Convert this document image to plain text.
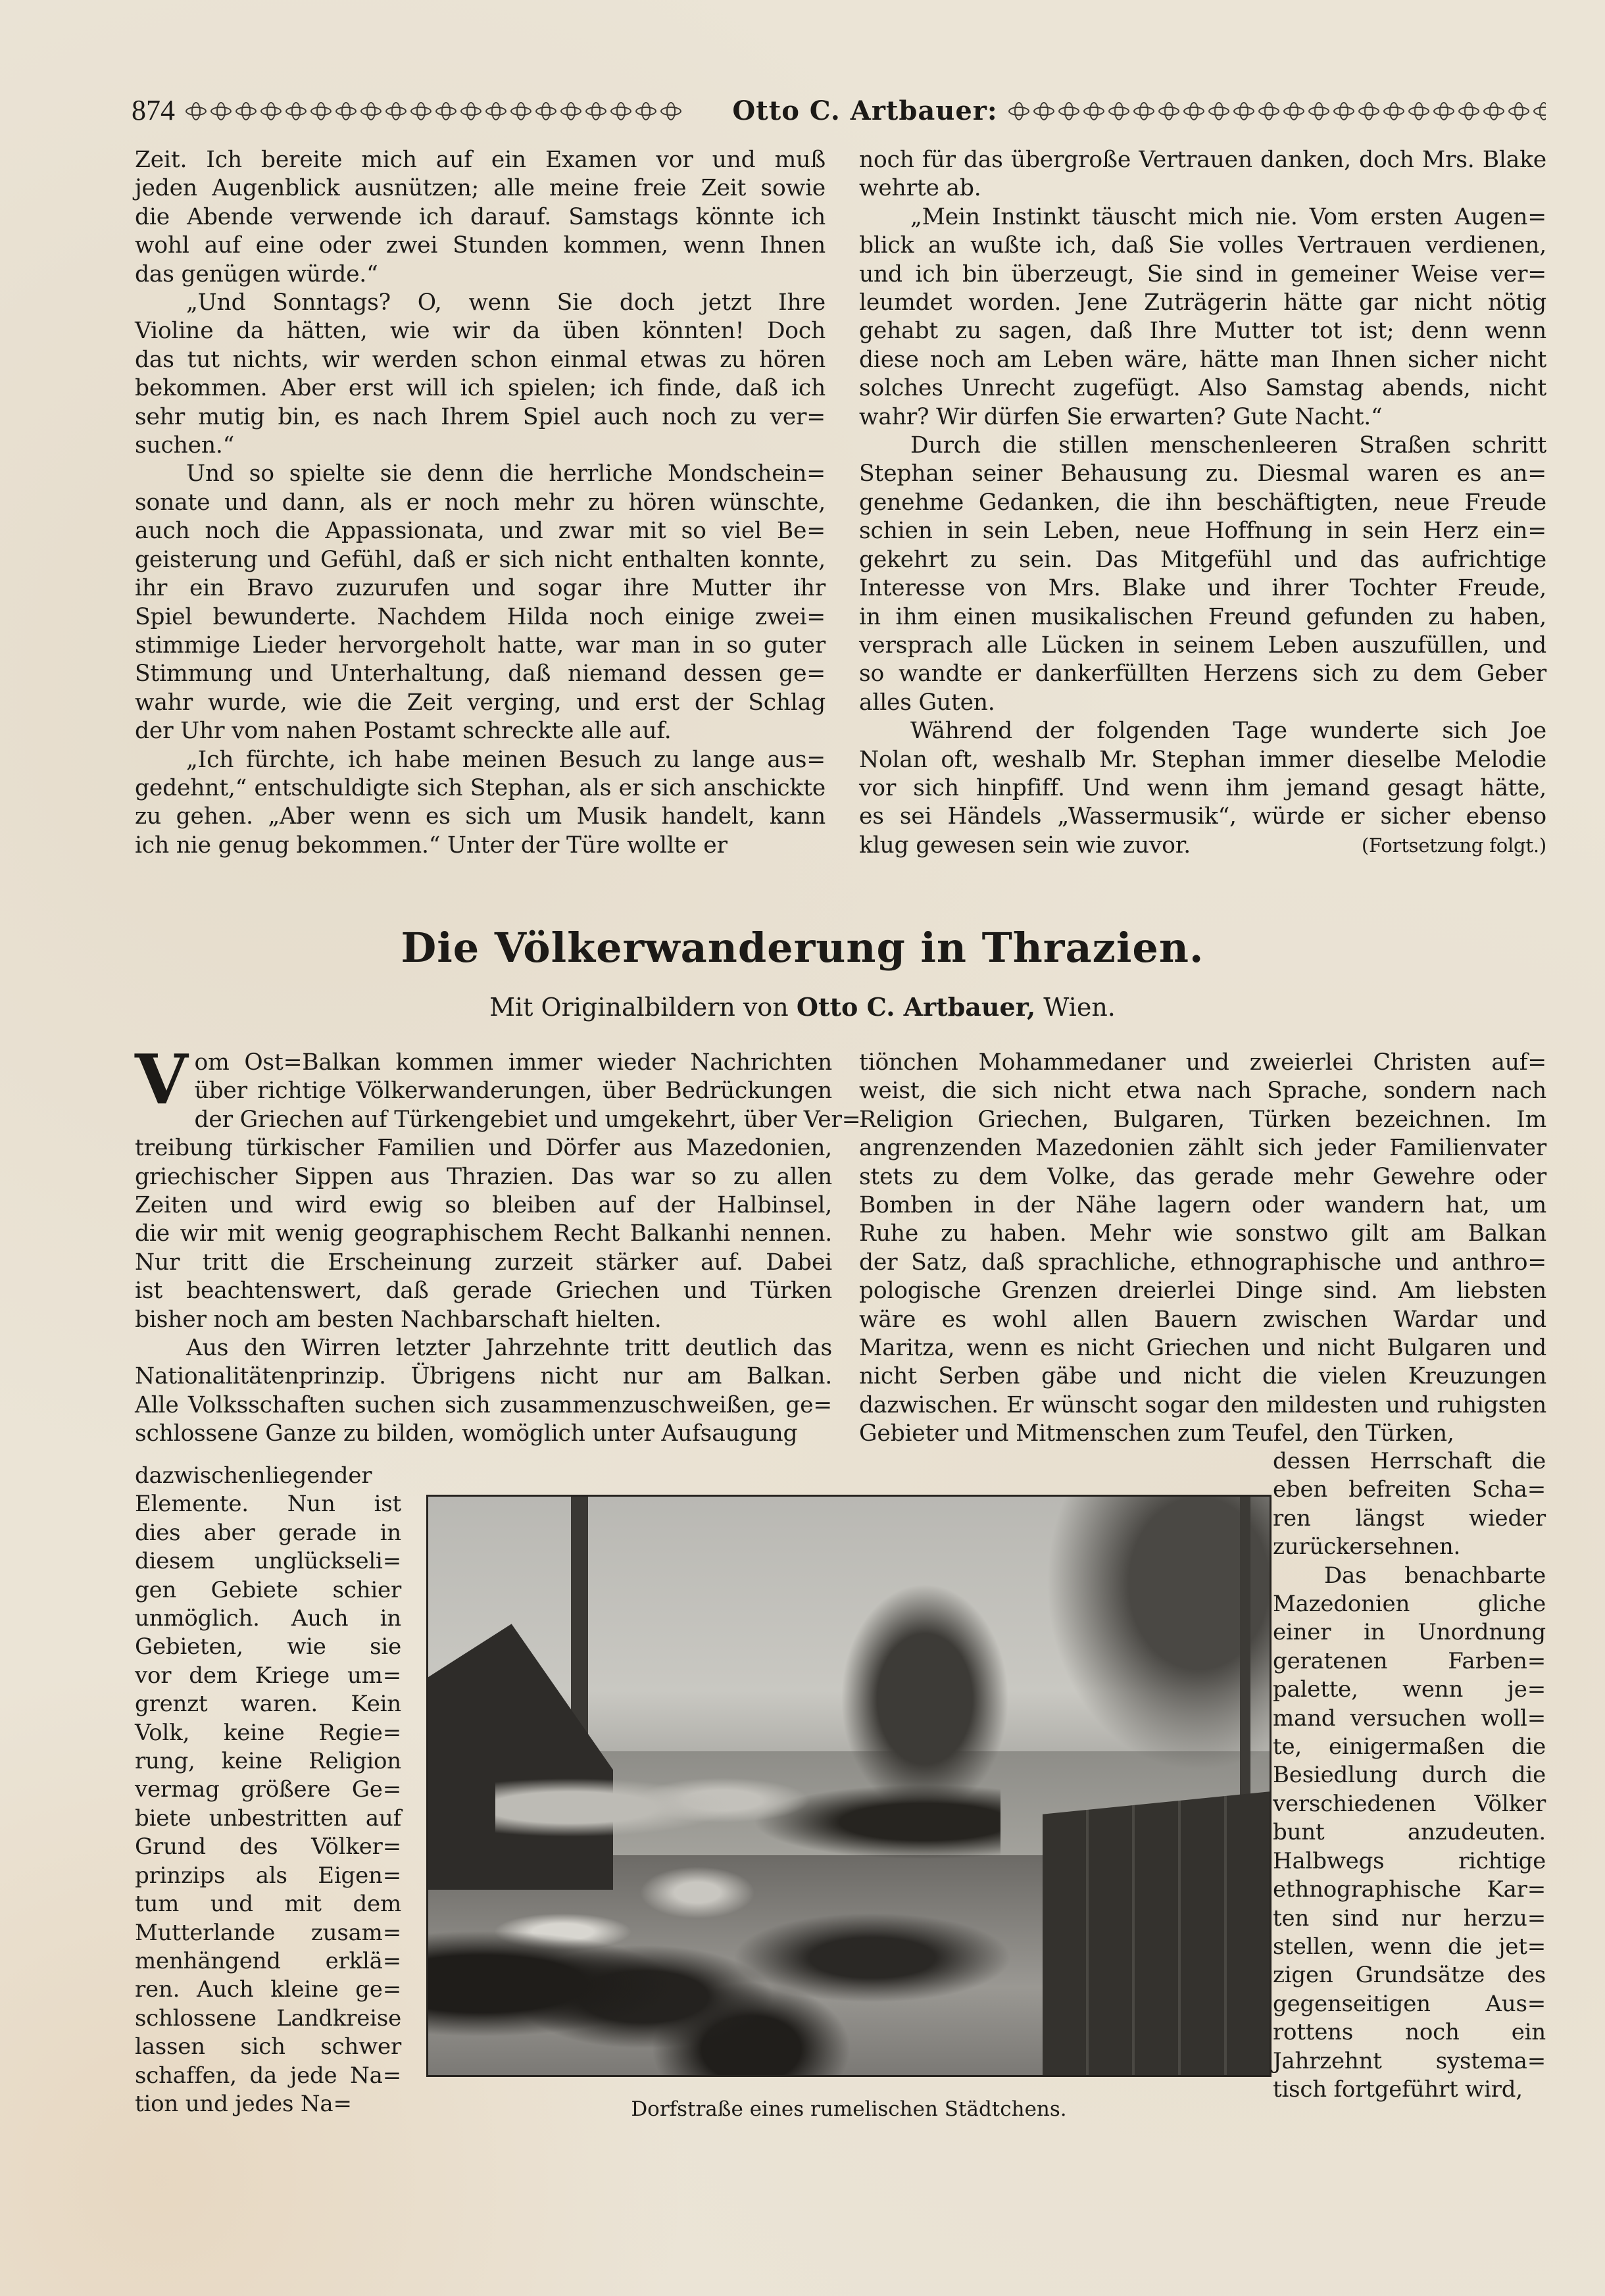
874	Otto C. Artbauer:

Zeit. Ich bereite mich auf ein Examen vor und muß
jeden Augenblick ausnützen; alle meine freie Zeit sowie
die Abende verwende ich darauf. Samstags könnte ich
wohl auf eine oder zwei Stunden kommen, wenn Ihnen
das genügen würde.“

„Und Sonntags? O, wenn Sie doch jetzt Ihre
Violine da hätten, wie wir da üben könnten! Doch
das tut nichts, wir werden schon einmal etwas zu hören
bekommen. Aber erst will ich spielen; ich finde, daß ich
sehr mutig bin, es nach Ihrem Spiel auch noch zu ver=
suchen.“

Und so spielte sie denn die herrliche Mondschein=
sonate und dann, als er noch mehr zu hören wünschte,
auch noch die Appassionata, und zwar mit so viel Be=
geisterung und Gefühl, daß er sich nicht enthalten konnte,
ihr ein Bravo zuzurufen und sogar ihre Mutter ihr
Spiel bewunderte. Nachdem Hilda noch einige zwei=
stimmige Lieder hervorgeholt hatte, war man in so guter
Stimmung und Unterhaltung, daß niemand dessen ge=
wahr wurde, wie die Zeit verging, und erst der Schlag
der Uhr vom nahen Postamt schreckte alle auf.

„Ich fürchte, ich habe meinen Besuch zu lange aus=
gedehnt,“ entschuldigte sich Stephan, als er sich anschickte
zu gehen. „Aber wenn es sich um Musik handelt, kann
ich nie genug bekommen.“ Unter der Türe wollte er

noch für das übergroße Vertrauen danken, doch Mrs. Blake
wehrte ab.

„Mein Instinkt täuscht mich nie. Vom ersten Augen=
blick an wußte ich, daß Sie volles Vertrauen verdienen,
und ich bin überzeugt, Sie sind in gemeiner Weise ver=
leumdet worden. Jene Zuträgerin hätte gar nicht nötig
gehabt zu sagen, daß Ihre Mutter tot ist; denn wenn
diese noch am Leben wäre, hätte man Ihnen sicher nicht
solches Unrecht zugefügt. Also Samstag abends, nicht
wahr? Wir dürfen Sie erwarten? Gute Nacht.“

Durch die stillen menschenleeren Straßen schritt
Stephan seiner Behausung zu. Diesmal waren es an=
genehme Gedanken, die ihn beschäftigten, neue Freude
schien in sein Leben, neue Hoffnung in sein Herz ein=
gekehrt zu sein. Das Mitgefühl und das aufrichtige
Interesse von Mrs. Blake und ihrer Tochter Freude,
in ihm einen musikalischen Freund gefunden zu haben,
versprach alle Lücken in seinem Leben auszufüllen, und
so wandte er dankerfüllten Herzens sich zu dem Geber
alles Guten.

Während der folgenden Tage wunderte sich Joe
Nolan oft, weshalb Mr. Stephan immer dieselbe Melodie
vor sich hinpfiff. Und wenn ihm jemand gesagt hätte,
es sei Händels „Wassermusik“, würde er sicher ebenso
klug gewesen sein wie zuvor.	(Fortsetzung folgt.)

Die Völkerwanderung in Thrazien.
Mit Originalbildern von Otto C. Artbauer, Wien.

V om Ost=Balkan kommen immer wieder Nachrichten
über richtige Völkerwanderungen, über Bedrückungen
der Griechen auf Türkengebiet und umgekehrt, über Ver=
treibung türkischer Familien und Dörfer aus Mazedonien,
griechischer Sippen aus Thrazien. Das war so zu allen
Zeiten und wird ewig so bleiben auf der Halbinsel,
die wir mit wenig geographischem Recht Balkanhi nennen.
Nur tritt die Erscheinung zurzeit stärker auf. Dabei
ist beachtenswert, daß gerade Griechen und Türken
bisher noch am besten Nachbarschaft hielten.

Aus den Wirren letzter Jahrzehnte tritt deutlich das
Nationalitätenprinzip. Übrigens nicht nur am Balkan.
Alle Volksschaften suchen sich zusammenzuschweißen, ge=
schlossene Ganze zu bilden, womöglich unter Aufsaugung

tiönchen Mohammedaner und zweierlei Christen auf=
weist, die sich nicht etwa nach Sprache, sondern nach
Religion Griechen, Bulgaren, Türken bezeichnen. Im
angrenzenden Mazedonien zählt sich jeder Familienvater
stets zu dem Volke, das gerade mehr Gewehre oder
Bomben in der Nähe lagern oder wandern hat, um
Ruhe zu haben. Mehr wie sonstwo gilt am Balkan
der Satz, daß sprachliche, ethnographische und anthro=
pologische Grenzen dreierlei Dinge sind. Am liebsten
wäre es wohl allen Bauern zwischen Wardar und
Maritza, wenn es nicht Griechen und nicht Bulgaren und
nicht Serben gäbe und nicht die vielen Kreuzungen
dazwischen. Er wünscht sogar den mildesten und ruhigsten
Gebieter und Mitmenschen zum Teufel, den Türken,

dazwischenliegender
Elemente. Nun ist
dies aber gerade in
diesem unglückseli=
gen Gebiete schier
unmöglich. Auch in
Gebieten, wie sie
vor dem Kriege um=
grenzt waren. Kein
Volk, keine Regie=
rung, keine Religion
vermag größere Ge=
biete unbestritten auf
Grund des Völker=
prinzips als Eigen=
tum und mit dem
Mutterlande zusam=
menhängend erklä=
ren. Auch kleine ge=
schlossene Landkreise
lassen sich schwer
schaffen, da jede Na=
tion und jedes Na=

dessen Herrschaft die
eben befreiten Scha=
ren längst wieder
zurückersehnen.

Das benachbarte
Mazedonien gliche
einer in Unordnung
geratenen Farben=
palette, wenn je=
mand versuchen woll=
te, einigermaßen die
Besiedlung durch die
verschiedenen Völker
bunt anzudeuten.
Halbwegs richtige
ethnographische Kar=
ten sind nur herzu=
stellen, wenn die jet=
zigen Grundsätze des
gegenseitigen Aus=
rottens noch ein
Jahrzehnt systema=
tisch fortgeführt wird,

Dorfstraße eines rumelischen Städtchens.
